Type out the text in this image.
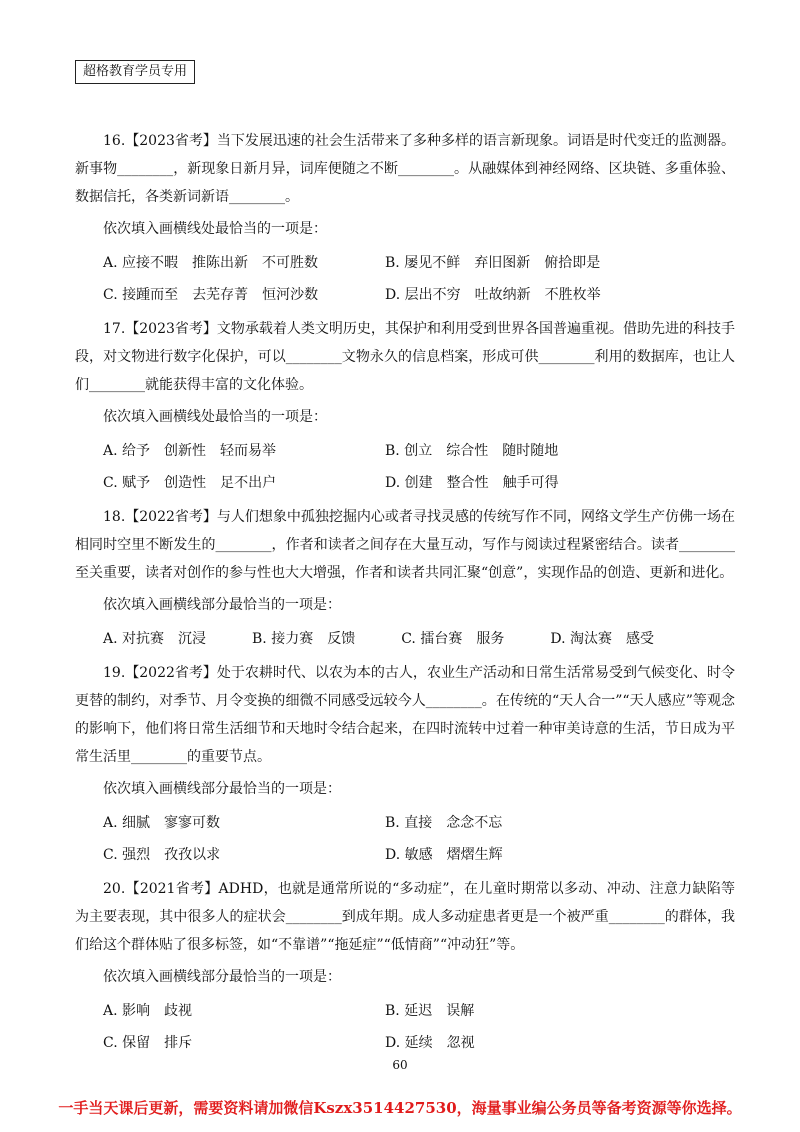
超格教育学员专用

16.【2023省考】当下发展迅速的社会生活带来了多种多样的语言新现象。词语是时代变迁的监测器。新事物________，新现象日新月异，词库便随之不断________。从融媒体到神经网络、区块链、多重体验、数据信托，各类新词新语________。

依次填入画横线处最恰当的一项是：

A. 应接不暇　推陈出新　不可胜数	B. 屡见不鲜　弃旧图新　俯拾即是
C. 接踵而至　去芜存菁　恒河沙数	D. 层出不穷　吐故纳新　不胜枚举

17.【2023省考】文物承载着人类文明历史，其保护和利用受到世界各国普遍重视。借助先进的科技手段，对文物进行数字化保护，可以________文物永久的信息档案，形成可供________利用的数据库，也让人们________就能获得丰富的文化体验。

依次填入画横线处最恰当的一项是：

A. 给予　创新性　轻而易举	B. 创立　综合性　随时随地
C. 赋予　创造性　足不出户	D. 创建　整合性　触手可得

18.【2022省考】与人们想象中孤独挖掘内心或者寻找灵感的传统写作不同，网络文学生产仿佛一场在相同时空里不断发生的________，作者和读者之间存在大量互动，写作与阅读过程紧密结合。读者________至关重要，读者对创作的参与性也大大增强，作者和读者共同汇聚“创意”，实现作品的创造、更新和进化。

依次填入画横线部分最恰当的一项是：

A. 对抗赛　沉浸	B. 接力赛　反馈	C. 擂台赛　服务	D. 淘汰赛　感受

19.【2022省考】处于农耕时代、以农为本的古人，农业生产活动和日常生活常易受到气候变化、时令更替的制约，对季节、月令变换的细微不同感受远较今人________。在传统的“天人合一”“天人感应”等观念的影响下，他们将日常生活细节和天地时令结合起来，在四时流转中过着一种审美诗意的生活，节日成为平常生活里________的重要节点。

依次填入画横线部分最恰当的一项是：

A. 细腻　寥寥可数	B. 直接　念念不忘
C. 强烈　孜孜以求	D. 敏感　熠熠生辉

20.【2021省考】ADHD，也就是通常所说的“多动症”，在儿童时期常以多动、冲动、注意力缺陷等为主要表现，其中很多人的症状会________到成年期。成人多动症患者更是一个被严重________的群体，我们给这个群体贴了很多标签，如“不靠谱”“拖延症”“低情商”“冲动狂”等。

依次填入画横线部分最恰当的一项是：

A. 影响　歧视	B. 延迟　误解
C. 保留　排斥	D. 延续　忽视
60
一手当天课后更新，需要资料请加微信Kszx3514427530，海量事业编公务员等备考资源等你选择。
